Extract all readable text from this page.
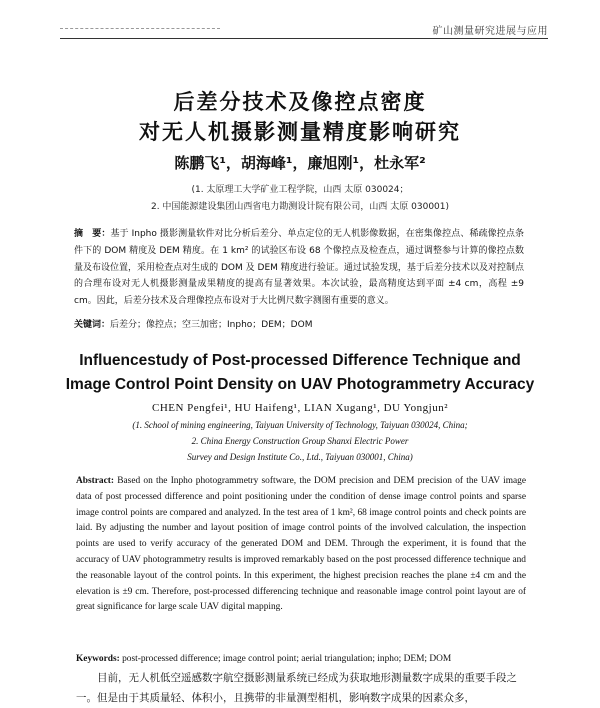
矿山测量研究进展与应用
后差分技术及像控点密度
对无人机摄影测量精度影响研究
陈鹏飞¹，胡海峰¹，廉旭刚¹，杜永军²
(1. 太原理工大学矿业工程学院，山西 太原 030024；
2. 中国能源建设集团山西省电力勘测设计院有限公司，山西 太原 030001)
摘　要：基于 Inpho 摄影测量软件对比分析后差分、单点定位的无人机影像数据，在密集像控点、稀疏像控点条件下的 DOM 精度及 DEM 精度。在 1 km² 的试验区布设 68 个像控点及检查点，通过调整参与计算的像控点数量及布设位置，采用检查点对生成的 DOM 及 DEM 精度进行验证。通过试验发现，基于后差分技术以及对控制点的合理布设对无人机摄影测量成果精度的提高有显著效果。本次试验，最高精度达到平面 ±4 cm，高程 ±9 cm。因此，后差分技术及合理像控点布设对于大比例尺数字测图有重要的意义。
关键词：后差分；像控点；空三加密；Inpho；DEM；DOM
Influencestudy of Post-processed Difference Technique and
Image Control Point Density on UAV Photogrammetry Accuracy
CHEN Pengfei¹, HU Haifeng¹, LIAN Xugang¹, DU Yongjun²
(1. School of mining engineering, Taiyuan University of Technology, Taiyuan 030024, China;
2. China Energy Construction Group Shanxi Electric Power
Survey and Design Institute Co., Ltd., Taiyuan 030001, China)
Abstract: Based on the Inpho photogrammetry software, the DOM precision and DEM precision of the UAV image data of post processed difference and point positioning under the condition of dense image control points and sparse image control points are compared and analyzed. In the test area of 1 km², 68 image control points and check points are laid. By adjusting the number and layout position of image control points of the involved calculation, the inspection points are used to verify accuracy of the generated DOM and DEM. Through the experiment, it is found that the accuracy of UAV photogrammetry results is improved remarkably based on the post processed difference technique and the reasonable layout of the control points. In this experiment, the highest precision reaches the plane ±4 cm and the elevation is ±9 cm. Therefore, post-processed differencing technique and reasonable image control point layout are of great significance for large scale UAV digital mapping.
Keywords: post-processed difference; image control point; aerial triangulation; inpho; DEM; DOM
目前，无人机低空遥感数字航空摄影测量系统已经成为获取地形测量数字成果的重要手段之一。但是由于其质量轻、体积小，且携带的非量测型相机，影响数字成果的因素众多，
